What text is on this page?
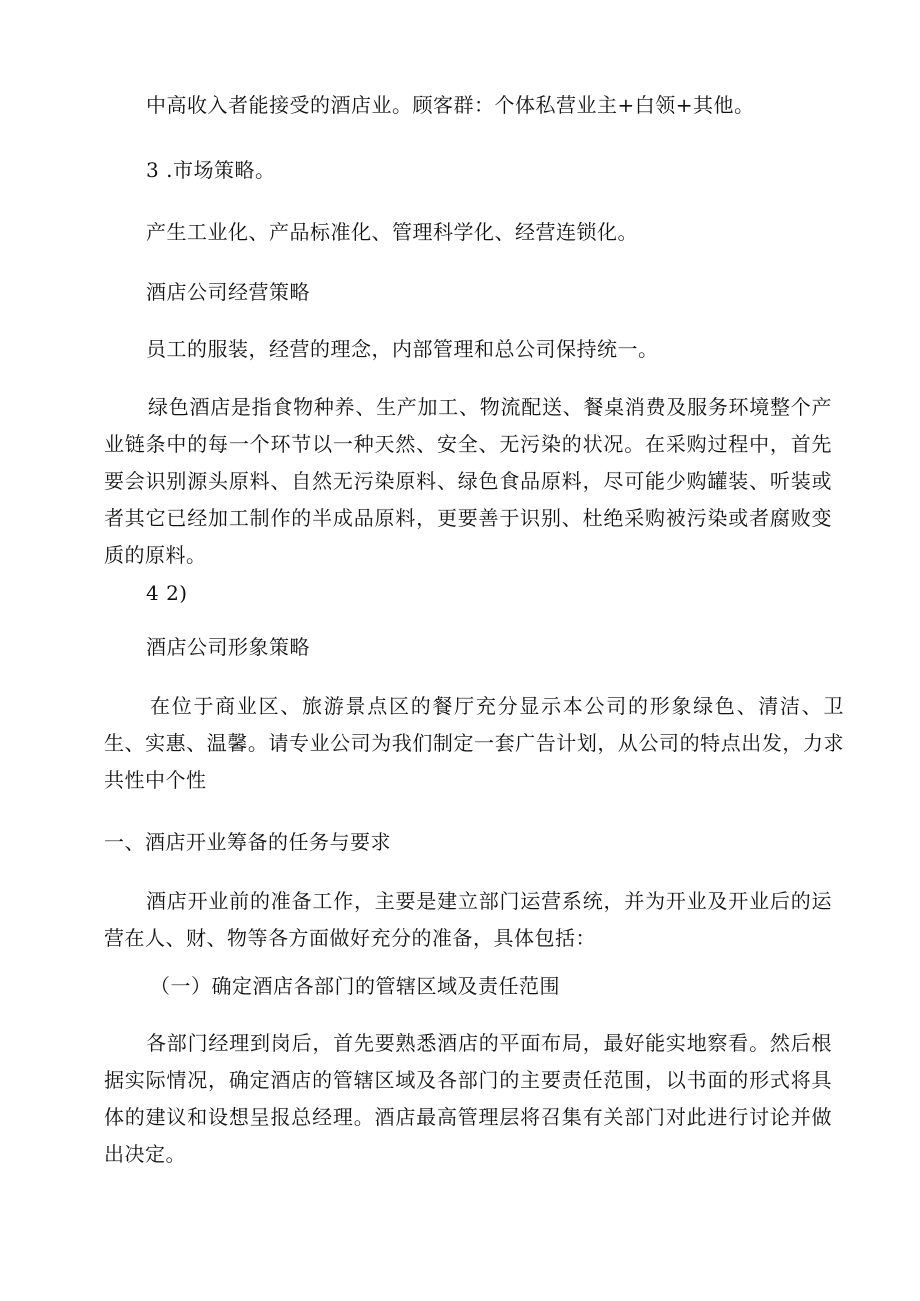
中高收入者能接受的酒店业。顾客群：个体私营业主+白领+其他。

3 .市场策略。

产生工业化、产品标准化、管理科学化、经营连锁化。

酒店公司经营策略

员工的服装，经营的理念，内部管理和总公司保持统一。

绿色酒店是指食物种养、生产加工、物流配送、餐桌消费及服务环境整个产业链条中的每一个环节以一种天然、安全、无污染的状况。在采购过程中，首先要会识别源头原料、自然无污染原料、绿色食品原料，尽可能少购罐装、听装或者其它已经加工制作的半成品原料，更要善于识别、杜绝采购被污染或者腐败变质的原料。

4 2)

酒店公司形象策略

在位于商业区、旅游景点区的餐厅充分显示本公司的形象绿色、清洁、卫生、实惠、温馨。请专业公司为我们制定一套广告计划，从公司的特点出发，力求共性中个性

一、酒店开业筹备的任务与要求

酒店开业前的准备工作，主要是建立部门运营系统，并为开业及开业后的运营在人、财、物等各方面做好充分的准备，具体包括：

（一）确定酒店各部门的管辖区域及责任范围

各部门经理到岗后，首先要熟悉酒店的平面布局，最好能实地察看。然后根据实际情况，确定酒店的管辖区域及各部门的主要责任范围，以书面的形式将具体的建议和设想呈报总经理。酒店最高管理层将召集有关部门对此进行讨论并做出决定。
